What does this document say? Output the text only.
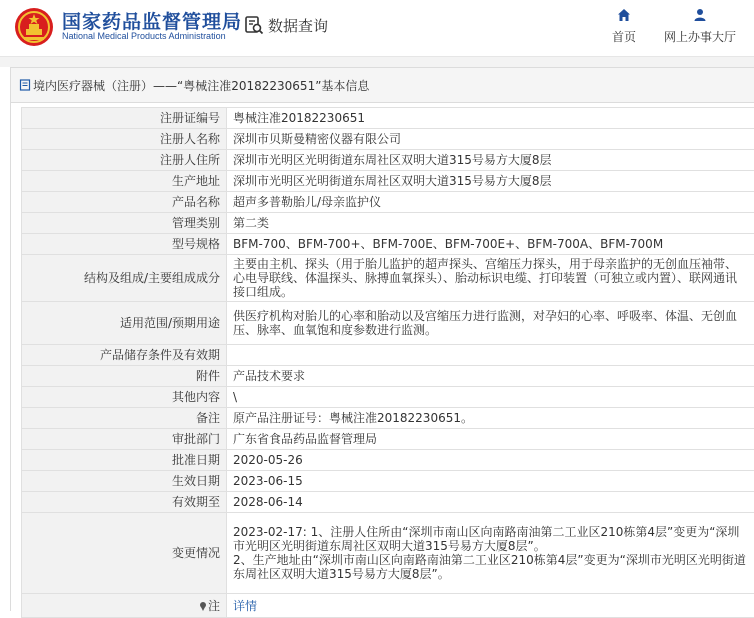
国家药品监督管理局
National Medical Products Administration
数据查询
首页	网上办事大厅
境内医疗器械（注册）——“粤械注准20182230651”基本信息
注册证编号	粤械注准20182230651
注册人名称	深圳市贝斯曼精密仪器有限公司
注册人住所	深圳市光明区光明街道东周社区双明大道315号易方大厦8层
生产地址	深圳市光明区光明街道东周社区双明大道315号易方大厦8层
产品名称	超声多普勒胎儿/母亲监护仪
管理类别	第二类
型号规格	BFM-700、BFM-700+、BFM-700E、BFM-700E+、BFM-700A、BFM-700M
结构及组成/主要组成成分	主要由主机、探头（用于胎儿监护的超声探头、宫缩压力探头，用于母亲监护的无创血压袖带、心电导联线、体温探头、脉搏血氧探头）、胎动标识电缆、打印装置（可独立或内置）、联网通讯接口组成。
适用范围/预期用途	供医疗机构对胎儿的心率和胎动以及宫缩压力进行监测，对孕妇的心率、呼吸率、体温、无创血压、脉率、血氧饱和度参数进行监测。
产品储存条件及有效期	
附件	产品技术要求
其他内容	\
备注	原产品注册证号：粤械注准20182230651。
审批部门	广东省食品药品监督管理局
批准日期	2020-05-26
生效日期	2023-06-15
有效期至	2028-06-14
变更情况	2023-02-17: 1、注册人住所由“深圳市南山区向南路南油第二工业区210栋第4层”变更为“深圳市光明区光明街道东周社区双明大道315号易方大厦8层”。
2、生产地址由“深圳市南山区向南路南油第二工业区210栋第4层”变更为“深圳市光明区光明街道东周社区双明大道315号易方大厦8层”。
注	详情
